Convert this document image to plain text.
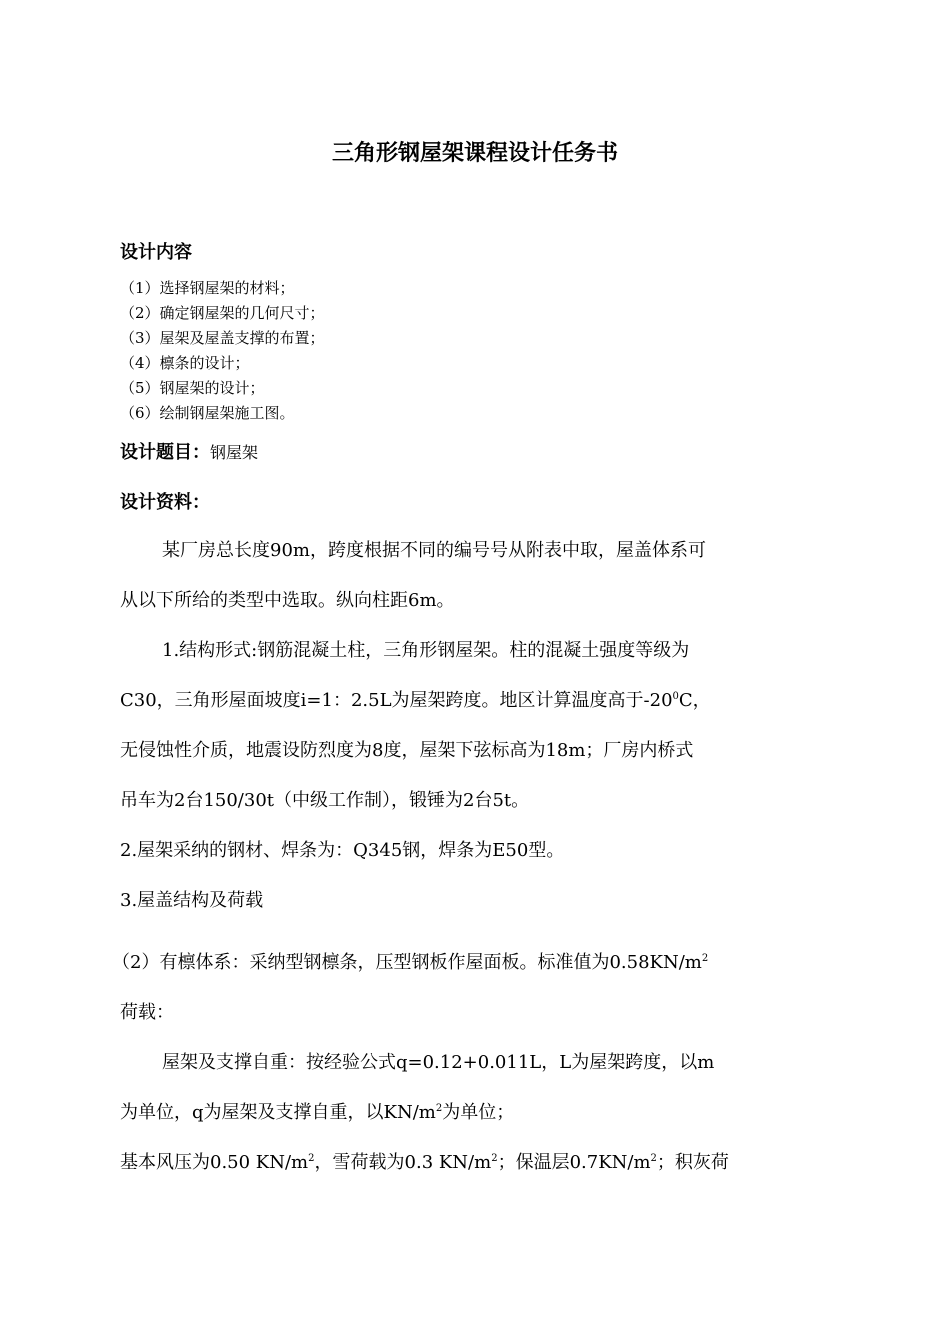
三角形钢屋架课程设计任务书
设计内容
（1）选择钢屋架的材料；
（2）确定钢屋架的几何尺寸；
（3）屋架及屋盖支撑的布置；
（4）檩条的设计；
（5）钢屋架的设计；
（6）绘制钢屋架施工图。
设计题目：钢屋架
设计资料：

某厂房总长度90m，跨度根据不同的编号号从附表中取，屋盖体系可

从以下所给的类型中选取。纵向柱距6m。

1.结构形式:钢筋混凝土柱，三角形钢屋架。柱的混凝土强度等级为

C30，三角形屋面坡度i=1：2.5L为屋架跨度。地区计算温度高于$-20^0C$，

无侵蚀性介质，地震设防烈度为8度，屋架下弦标高为18m；厂房内桥式

吊车为2台150/30t（中级工作制），锻锤为2台5t。

2.屋架采纳的钢材、焊条为：Q345钢，焊条为E50型。

3.屋盖结构及荷载

（2）有檩体系：采纳型钢檩条，压型钢板作屋面板。标准值为$0.58KN/m^2$

荷载：

屋架及支撑自重：按经验公式q=0.12+0.011L，L为屋架跨度，以m

为单位，q为屋架及支撑自重，以$KN/m^2$为单位；

基本风压为0.50 $KN/m^2$，雪荷载为0.3 $KN/m^2$；保温层$0.7KN/m^2$；积灰荷
